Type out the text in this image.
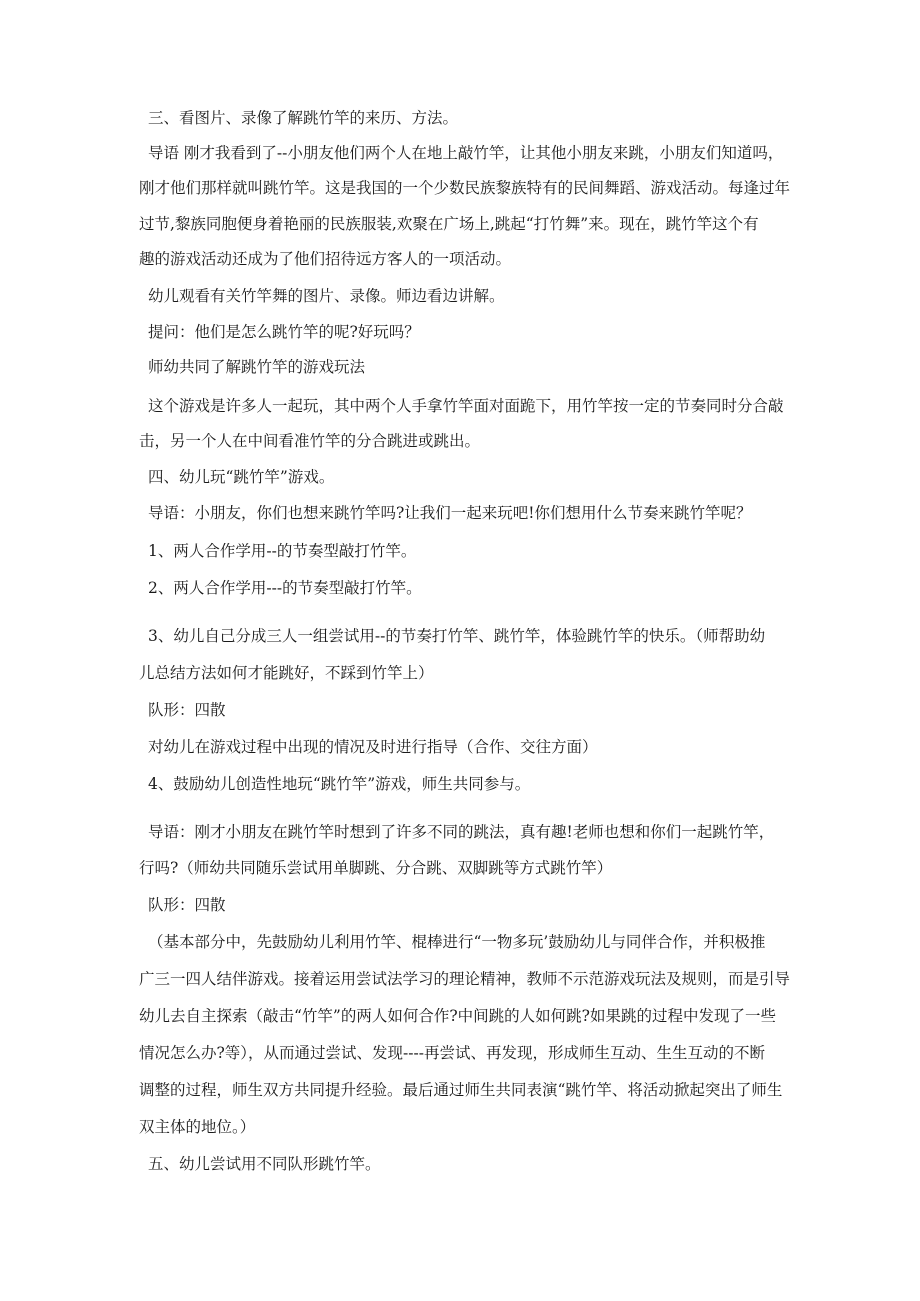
三、看图片、录像了解跳竹竿的来历、方法。
导语 刚才我看到了--小朋友他们两个人在地上敲竹竿，让其他小朋友来跳，小朋友们知道吗，
刚才他们那样就叫跳竹竿。这是我国的一个少数民族黎族特有的民间舞蹈、游戏活动。每逢过年
过节,黎族同胞便身着艳丽的民族服装,欢聚在广场上,跳起“打竹舞”来。现在，跳竹竿这个有
趣的游戏活动还成为了他们招待远方客人的一项活动。
幼儿观看有关竹竿舞的图片、录像。师边看边讲解。
提问：他们是怎么跳竹竿的呢?好玩吗？
师幼共同了解跳竹竿的游戏玩法
这个游戏是许多人一起玩，其中两个人手拿竹竿面对面跪下，用竹竿按一定的节奏同时分合敲
击，另一个人在中间看准竹竿的分合跳进或跳出。
四、幼儿玩“跳竹竿”游戏。
导语：小朋友，你们也想来跳竹竿吗?让我们一起来玩吧!你们想用什么节奏来跳竹竿呢？
1、两人合作学用--的节奏型敲打竹竿。
2、两人合作学用---的节奏型敲打竹竿。
3、幼儿自己分成三人一组尝试用--的节奏打竹竿、跳竹竿，体验跳竹竿的快乐。（师帮助幼
儿总结方法如何才能跳好，不踩到竹竿上）
队形：四散
对幼儿在游戏过程中出现的情况及时进行指导（合作、交往方面）
4、鼓励幼儿创造性地玩“跳竹竿”游戏，师生共同参与。
导语：刚才小朋友在跳竹竿时想到了许多不同的跳法，真有趣!老师也想和你们一起跳竹竿，
行吗?（师幼共同随乐尝试用单脚跳、分合跳、双脚跳等方式跳竹竿）
队形：四散
（基本部分中，先鼓励幼儿利用竹竿、棍棒进行“一物多玩’鼓励幼儿与同伴合作，并积极推
广三一四人结伴游戏。接着运用尝试法学习的理论精神，教师不示范游戏玩法及规则，而是引导
幼儿去自主探索（敲击“竹竿”的两人如何合作?中间跳的人如何跳?如果跳的过程中发现了一些
情况怎么办?等），从而通过尝试、发现----再尝试、再发现，形成师生互动、生生互动的不断
调整的过程，师生双方共同提升经验。最后通过师生共同表演“跳竹竿、将活动掀起突出了师生
双主体的地位。）
五、幼儿尝试用不同队形跳竹竿。
